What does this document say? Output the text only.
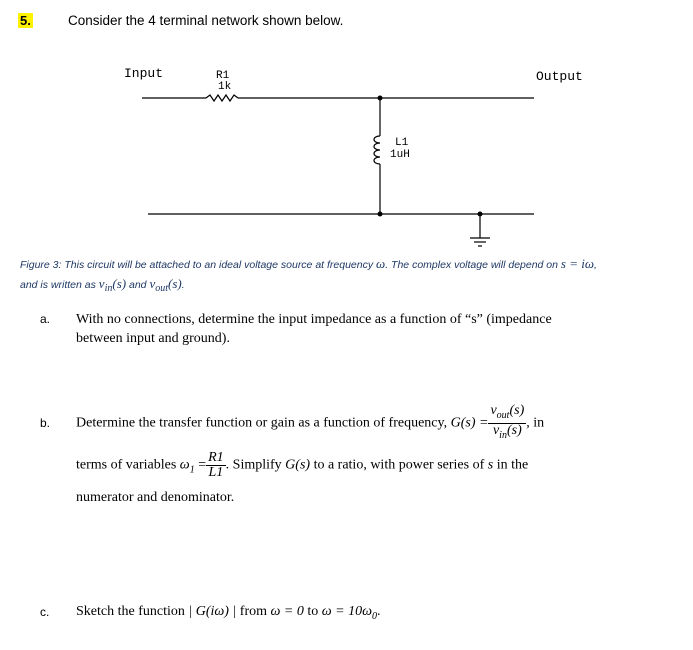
5.	Consider the 4 terminal network shown below.
Input	Output
R1
1k
L1
1uH
Figure 3: This circuit will be attached to an ideal voltage source at frequency ω. The complex voltage will depend on s = iω,
and is written as $v_{in}(s)$ and $v_{out}(s)$.
a. With no connections, determine the input impedance as a function of “s” (impedance
between input and ground).
b. Determine the transfer function or gain as a function of frequency, $G(s) = \frac{v_{out}(s)}{v_{in}(s)}$ , in
terms of variables $\omega_1 = \frac{R1}{L1}$ . Simplify G(s) to a ratio, with power series of s in the
numerator and denominator.
c. Sketch the function | G(iω) | from ω = 0 to $\omega = 10\omega_0$.
